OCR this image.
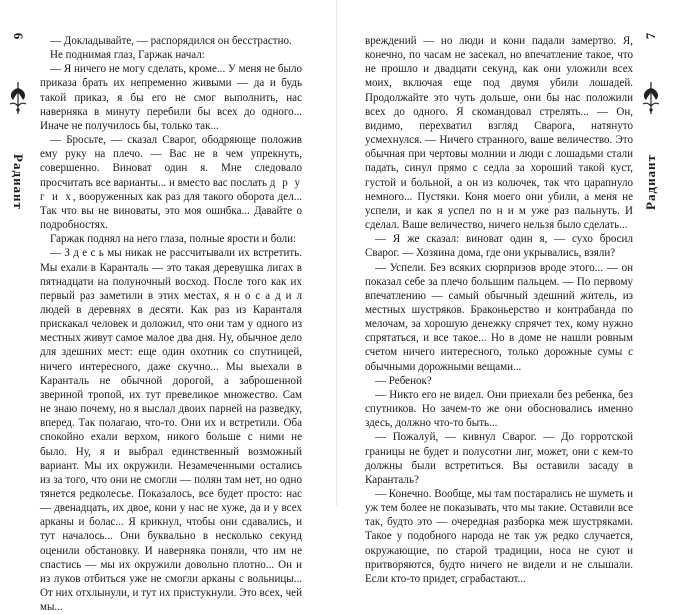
6
Радиант

— Докладывайте, — распорядился он бесстрастно.

Не поднимая глаз, Гаржак начал:

— Я ничего не могу сделать, кроме... У меня не было приказа брать их непременно живыми — да и будь такой приказ, я бы его не смог выполнить, нас наверняка в минуту перебили бы всех до одного... Иначе не получилось бы, только так...

— Бросьте, — сказал Сварог, ободряюще положив ему руку на плечо. — Вас не в чем упрекнуть, совершенно. Виноват один я. Мне следовало просчитать все варианты... и вместо вас послать д р у г и х, вооруженных как раз для такого оборота дел... Так что вы не виноваты, это моя ошибка... Давайте о подробностях.

Гаржак поднял на него глаза, полные ярости и боли:

— З д е с ь мы никак не рассчитывали их встретить. Мы ехали в Каранталь — это такая деревушка лигах в пятнадцати на полуночный восход. После того как их первый раз заметили в этих местах, я н о с а д и л людей в деревнях в десяти. Как раз из Каранталя прискакал человек и доложил, что они там у одного из местных живут самое малое два дня. Ну, обычное дело для здешних мест: еще один охотник со спутницей, ничего интересного, даже скучно... Мы выехали в Каранталь не обычной дорогой, а заброшенной звериной тропой, их тут превеликое множество. Сам не знаю почему, но я выслал двоих парней на разведку, вперед. Так полагаю, что-то. Они их и встретили. Оба спокойно ехали верхом, никого больше с ними не было. Ну, я и выбрал единственный возможный вариант. Мы их окружили. Незамеченными остались из за того, что они не смогли — полян там нет, но одно тянется редколесье. Показалось, все будет просто: нас — двенадцать, их двое, кони у нас не хуже, да и у всех арканы и болас... Я крикнул, чтобы они сдавались, и тут началось... Они буквально в несколько секунд оценили обстановку. И наверняка поняли, что им не спастись — мы их окружили довольно плотно... Он и из луков отбиться уже не смогли арканы с вольницы... От них отхлынули, и тут их пристукнули. Это всех, чей мы...

вреждений — но люди и кони падали замертво. Я, конечно, по часам не засекал, но впечатление такое, что не прошло и двадцати секунд, как они уложили всех моих, включая еще под двумя убили лошадей. Продолжайте это чуть дольше, они бы нас положили всех до одного. Я скомандовал стрелять... — Он, видимо, перехватил взгляд Сварога, натянуто усмехнулся. — Ничего странного, ваше величество. Это обычная при чертовы молнии и люди с лошадьми стали падать, синул прямо с седла за хороший такой куст, густой и больной, а он из колючек, так что царапнуло немного... Пустяки. Коня моего они убили, а меня не успели, и как я успел по н и м уже раз пальнуть. И сделал. Ваше величество, ничего нельзя было сделать...

— Я же сказал: виноват один я, — сухо бросил Сварог. — Хозяина дома, где они укрывались, взяли?

— Успели. Без всяких сюрпризов вроде этого... — он показал себе за плечо большим пальцем. — По первому впечатлению — самый обычный здешний житель, из местных шустряков. Браконьерство и контрабанда по мелочам, за хорошую денежку спрячет тех, кому нужно спрятаться, и все такое... Но в доме не нашли ровным счетом ничего интересного, только дорожные сумы с обычными дорожными вещами...

— Ребенок?

— Никто его не видел. Они приехали без ребенка, без спутников. Но зачем-то же они обосновались именно здесь, должно что-то быть...

— Пожалуй, — кивнул Сварог. — До горротской границы не будет и полусотни лиг, может, они с кем-то должны были встретиться. Вы оставили засаду в Каранталь?

— Конечно. Вообще, мы там постарались не шуметь и уж тем более не показывать, что мы такие. Оставили все так, будто это — очередная разборка меж шустряками. Такое у подобного народа не так уж редко случается, окружающие, по старой традиции, носа не суют и притворяются, будто ничего не видели и не слышали. Если кто-то придет, сграбастают...

7
Радиант
